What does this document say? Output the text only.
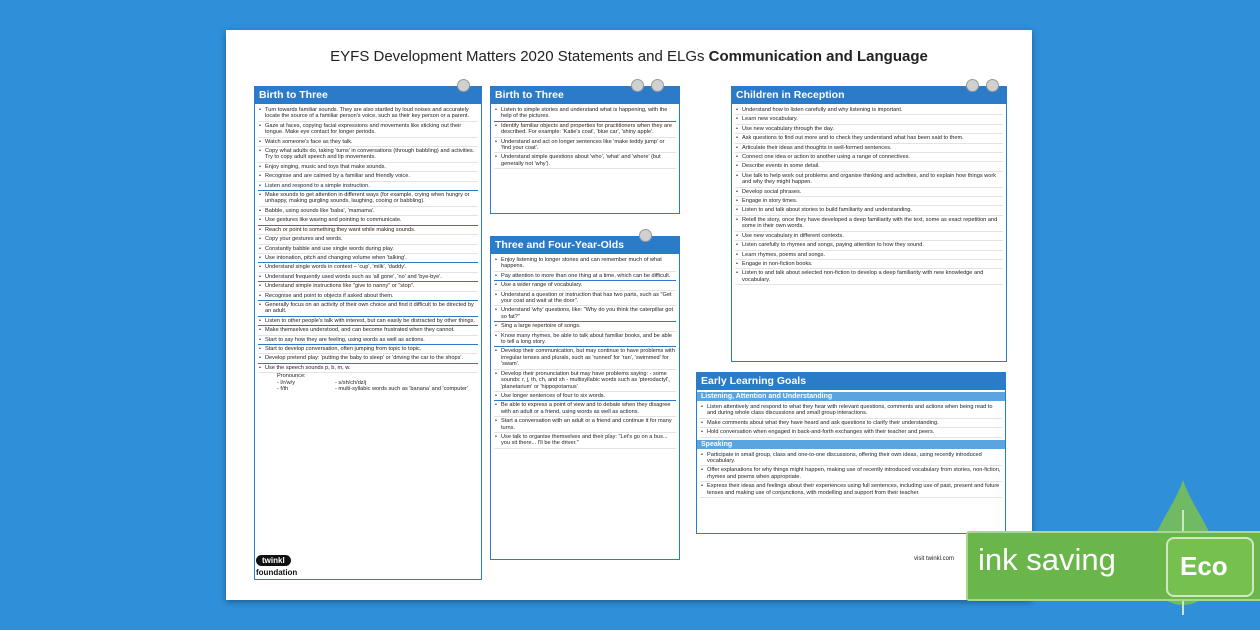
EYFS Development Matters 2020 Statements and ELGs Communication and Language
Birth to Three
• Turn towards familiar sounds. They are also startled by loud noises and accurately locate the source of a familiar person's voice, such as their key person or a parent.
• Gaze at faces, copying facial expressions and movements like sticking out their tongue. Make eye contact for longer periods.
• Watch someone's face as they talk.
• Copy what adults do, taking 'turns' in conversations (through babbling) and activities. Try to copy adult speech and lip movements.
• Enjoy singing, music and toys that make sounds.
• Recognise and are calmed by a familiar and friendly voice.
• Listen and respond to a simple instruction.
• Make sounds to get attention in different ways (for example, crying when hungry or unhappy, making gurgling sounds, laughing, cooing or babbling).
• Babble, using sounds like 'baba', 'mamama'.
• Use gestures like waving and pointing to communicate.
• Reach or point to something they want while making sounds.
• Copy your gestures and words.
• Constantly babble and use single words during play.
• Use intonation, pitch and changing volume when 'talking'.
• Understand single words in context – 'cup', 'milk', 'daddy'.
• Understand frequently used words such as 'all gone', 'no' and 'bye-bye'.
• Understand simple instructions like "give to nanny" or "stop".
• Recognise and point to objects if asked about them.
• Generally focus on an activity of their own choice and find it difficult to be directed by an adult.
• Listen to other people's talk with interest, but can easily be distracted by other things.
• Make themselves understood, and can become frustrated when they cannot.
• Start to say how they are feeling, using words as well as actions.
• Start to develop conversation, often jumping from topic to topic.
• Develop pretend play: 'putting the baby to sleep' or 'driving the car to the shops'.
• Use the speech sounds p, b, m, w.
Pronounce:
- l/r/w/y	- s/sh/ch/dz/j
- f/th	- multi-syllabic words such as 'banana' and 'computer'
Birth to Three
• Listen to simple stories and understand what is happening, with the help of the pictures.
• Identify familiar objects and properties for practitioners when they are described. For example: 'Katie's coat', 'blue car', 'shiny apple'.
• Understand and act on longer sentences like 'make teddy jump' or 'find your coat'.
• Understand simple questions about 'who', 'what' and 'where' (but generally not 'why').
Three and Four-Year-Olds
• Enjoy listening to longer stories and can remember much of what happens.
• Pay attention to more than one thing at a time, which can be difficult.
• Use a wider range of vocabulary.
• Understand a question or instruction that has two parts, such as "Get your coat and wait at the door".
• Understand 'why' questions, like: "Why do you think the caterpillar got so fat?"
• Sing a large repertoire of songs.
• Know many rhymes, be able to talk about familiar books, and be able to tell a long story.
• Develop their communication, but may continue to have problems with irregular tenses and plurals, such as 'runned' for 'ran', 'swimmed' for 'swam'.
• Develop their pronunciation but may have problems saying: - some sounds: r, j, th, ch, and sh - multisyllabic words such as 'pterodactyl', 'planetarium' or 'hippopotamus'
• Use longer sentences of four to six words.
• Be able to express a point of view and to debate when they disagree with an adult or a friend, using words as well as actions.
• Start a conversation with an adult or a friend and continue it for many turns.
• Use talk to organise themselves and their play: "Let's go on a bus... you sit there... I'll be the driver."
Children in Reception
• Understand how to listen carefully and why listening is important.
• Learn new vocabulary.
• Use new vocabulary through the day.
• Ask questions to find out more and to check they understand what has been said to them.
• Articulate their ideas and thoughts in well-formed sentences.
• Connect one idea or action to another using a range of connectives.
• Describe events in some detail.
• Use talk to help work out problems and organise thinking and activities, and to explain how things work and why they might happen.
• Develop social phrases.
• Engage in story times.
• Listen to and talk about stories to build familiarity and understanding.
• Retell the story, once they have developed a deep familiarity with the text, some as exact repetition and some in their own words.
• Use new vocabulary in different contexts.
• Listen carefully to rhymes and songs, paying attention to how they sound.
• Learn rhymes, poems and songs.
• Engage in non-fiction books.
• Listen to and talk about selected non-fiction to develop a deep familiarity with new knowledge and vocabulary.
Early Learning Goals
Listening, Attention and Understanding
• Listen attentively and respond to what they hear with relevant questions, comments and actions when being read to and during whole class discussions and small group interactions.
• Make comments about what they have heard and ask questions to clarify their understanding.
• Hold conversation when engaged in back-and-forth exchanges with their teacher and peers.
Speaking
• Participate in small group, class and one-to-one discussions, offering their own ideas, using recently introduced vocabulary.
• Offer explanations for why things might happen, making use of recently introduced vocabulary from stories, non-fiction, rhymes and poems when appropriate.
• Express their ideas and feelings about their experiences using full sentences, including use of past, present and future tenses and making use of conjunctions, with modelling and support from their teacher.
twinkl
foundation
visit twinkl.com ink saving Eco
